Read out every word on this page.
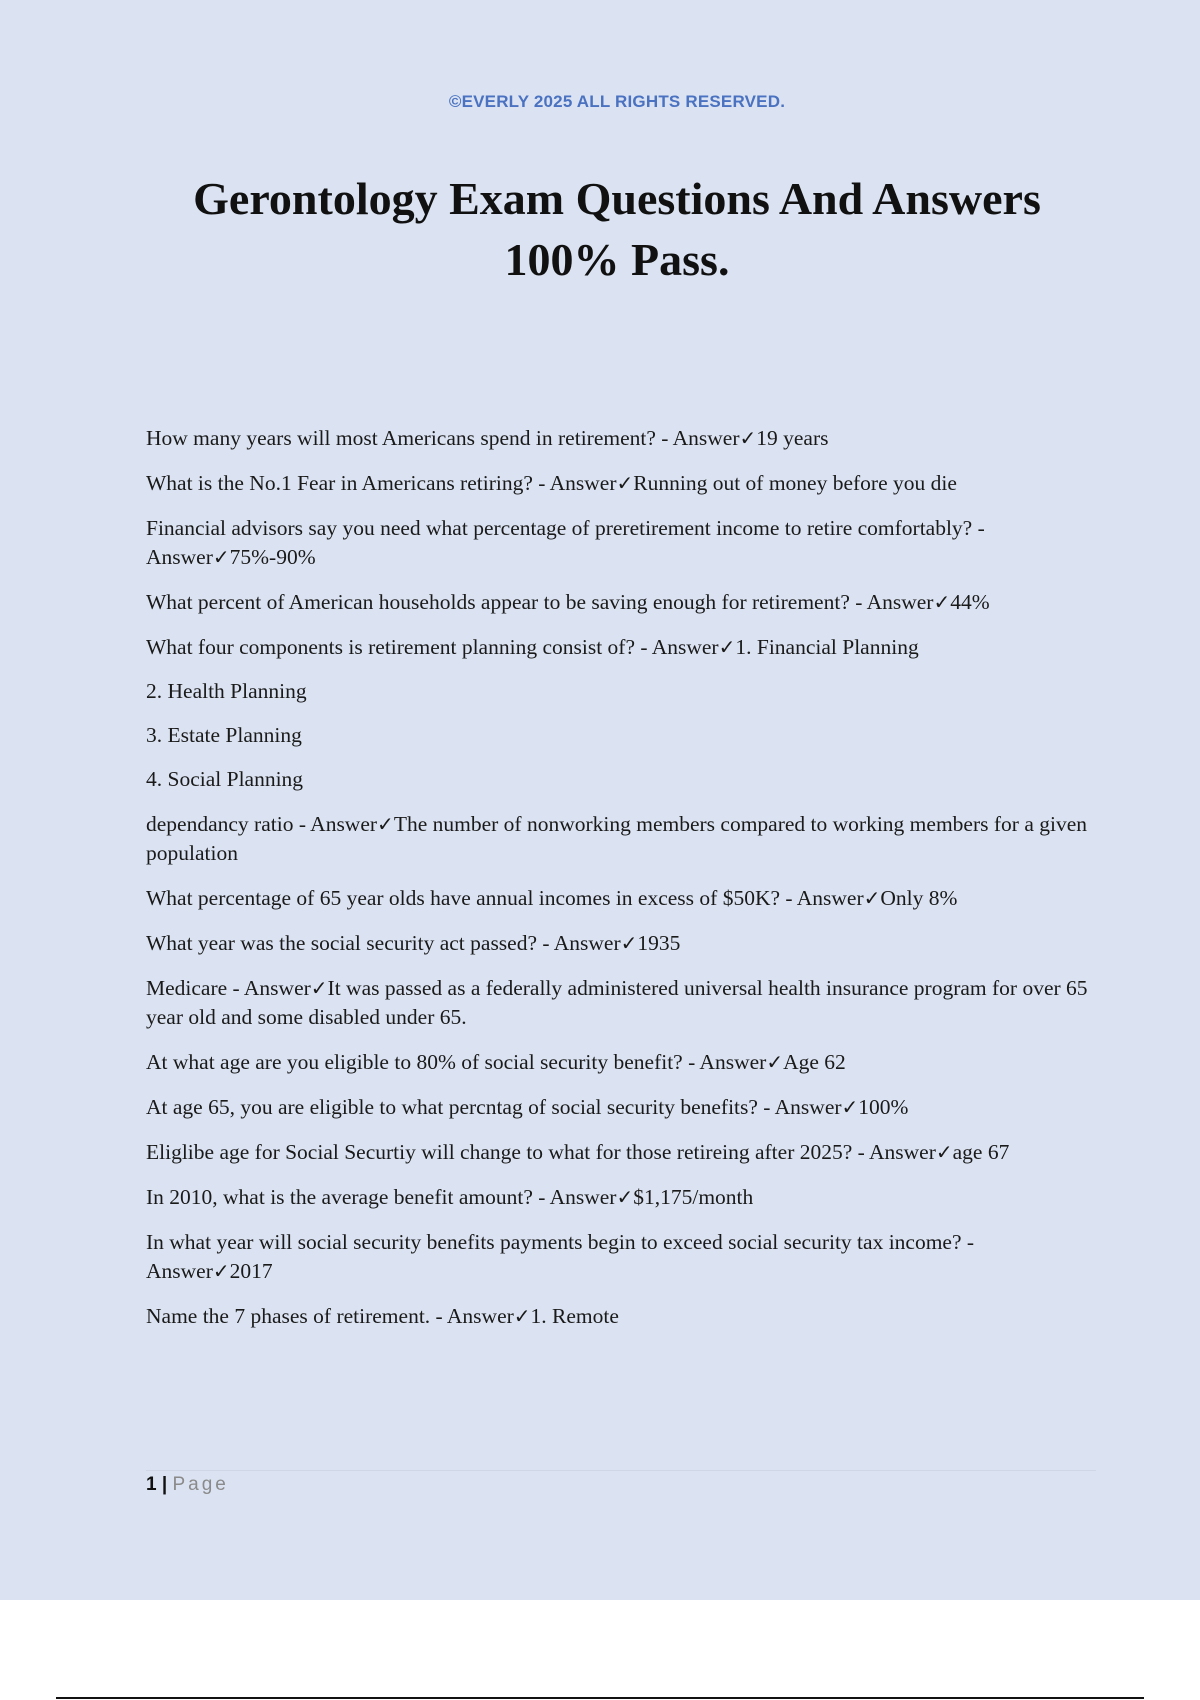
©EVERLY 2025 ALL RIGHTS RESERVED.
Gerontology Exam Questions And Answers
100% Pass.
How many years will most Americans spend in retirement? - Answer✓19 years
What is the No.1 Fear in Americans retiring? - Answer✓Running out of money before you die
Financial advisors say you need what percentage of preretirement income to retire comfortably? - Answer✓75%-90%
What percent of American households appear to be saving enough for retirement? - Answer✓44%
What four components is retirement planning consist of? - Answer✓1. Financial Planning
2. Health Planning
3. Estate Planning
4. Social Planning
dependancy ratio - Answer✓The number of nonworking members compared to working members for a given population
What percentage of 65 year olds have annual incomes in excess of $50K? - Answer✓Only 8%
What year was the social security act passed? - Answer✓1935
Medicare - Answer✓It was passed as a federally administered universal health insurance program for over 65 year old and some disabled under 65.
At what age are you eligible to 80% of social security benefit? - Answer✓Age 62
At age 65, you are eligible to what percntag of social security benefits? - Answer✓100%
Eliglibe age for Social Securtiy will change to what for those retireing after 2025? - Answer✓age 67
In 2010, what is the average benefit amount? - Answer✓$1,175/month
In what year will social security benefits payments begin to exceed social security tax income? - Answer✓2017
Name the 7 phases of retirement. - Answer✓1. Remote
1 | Page
